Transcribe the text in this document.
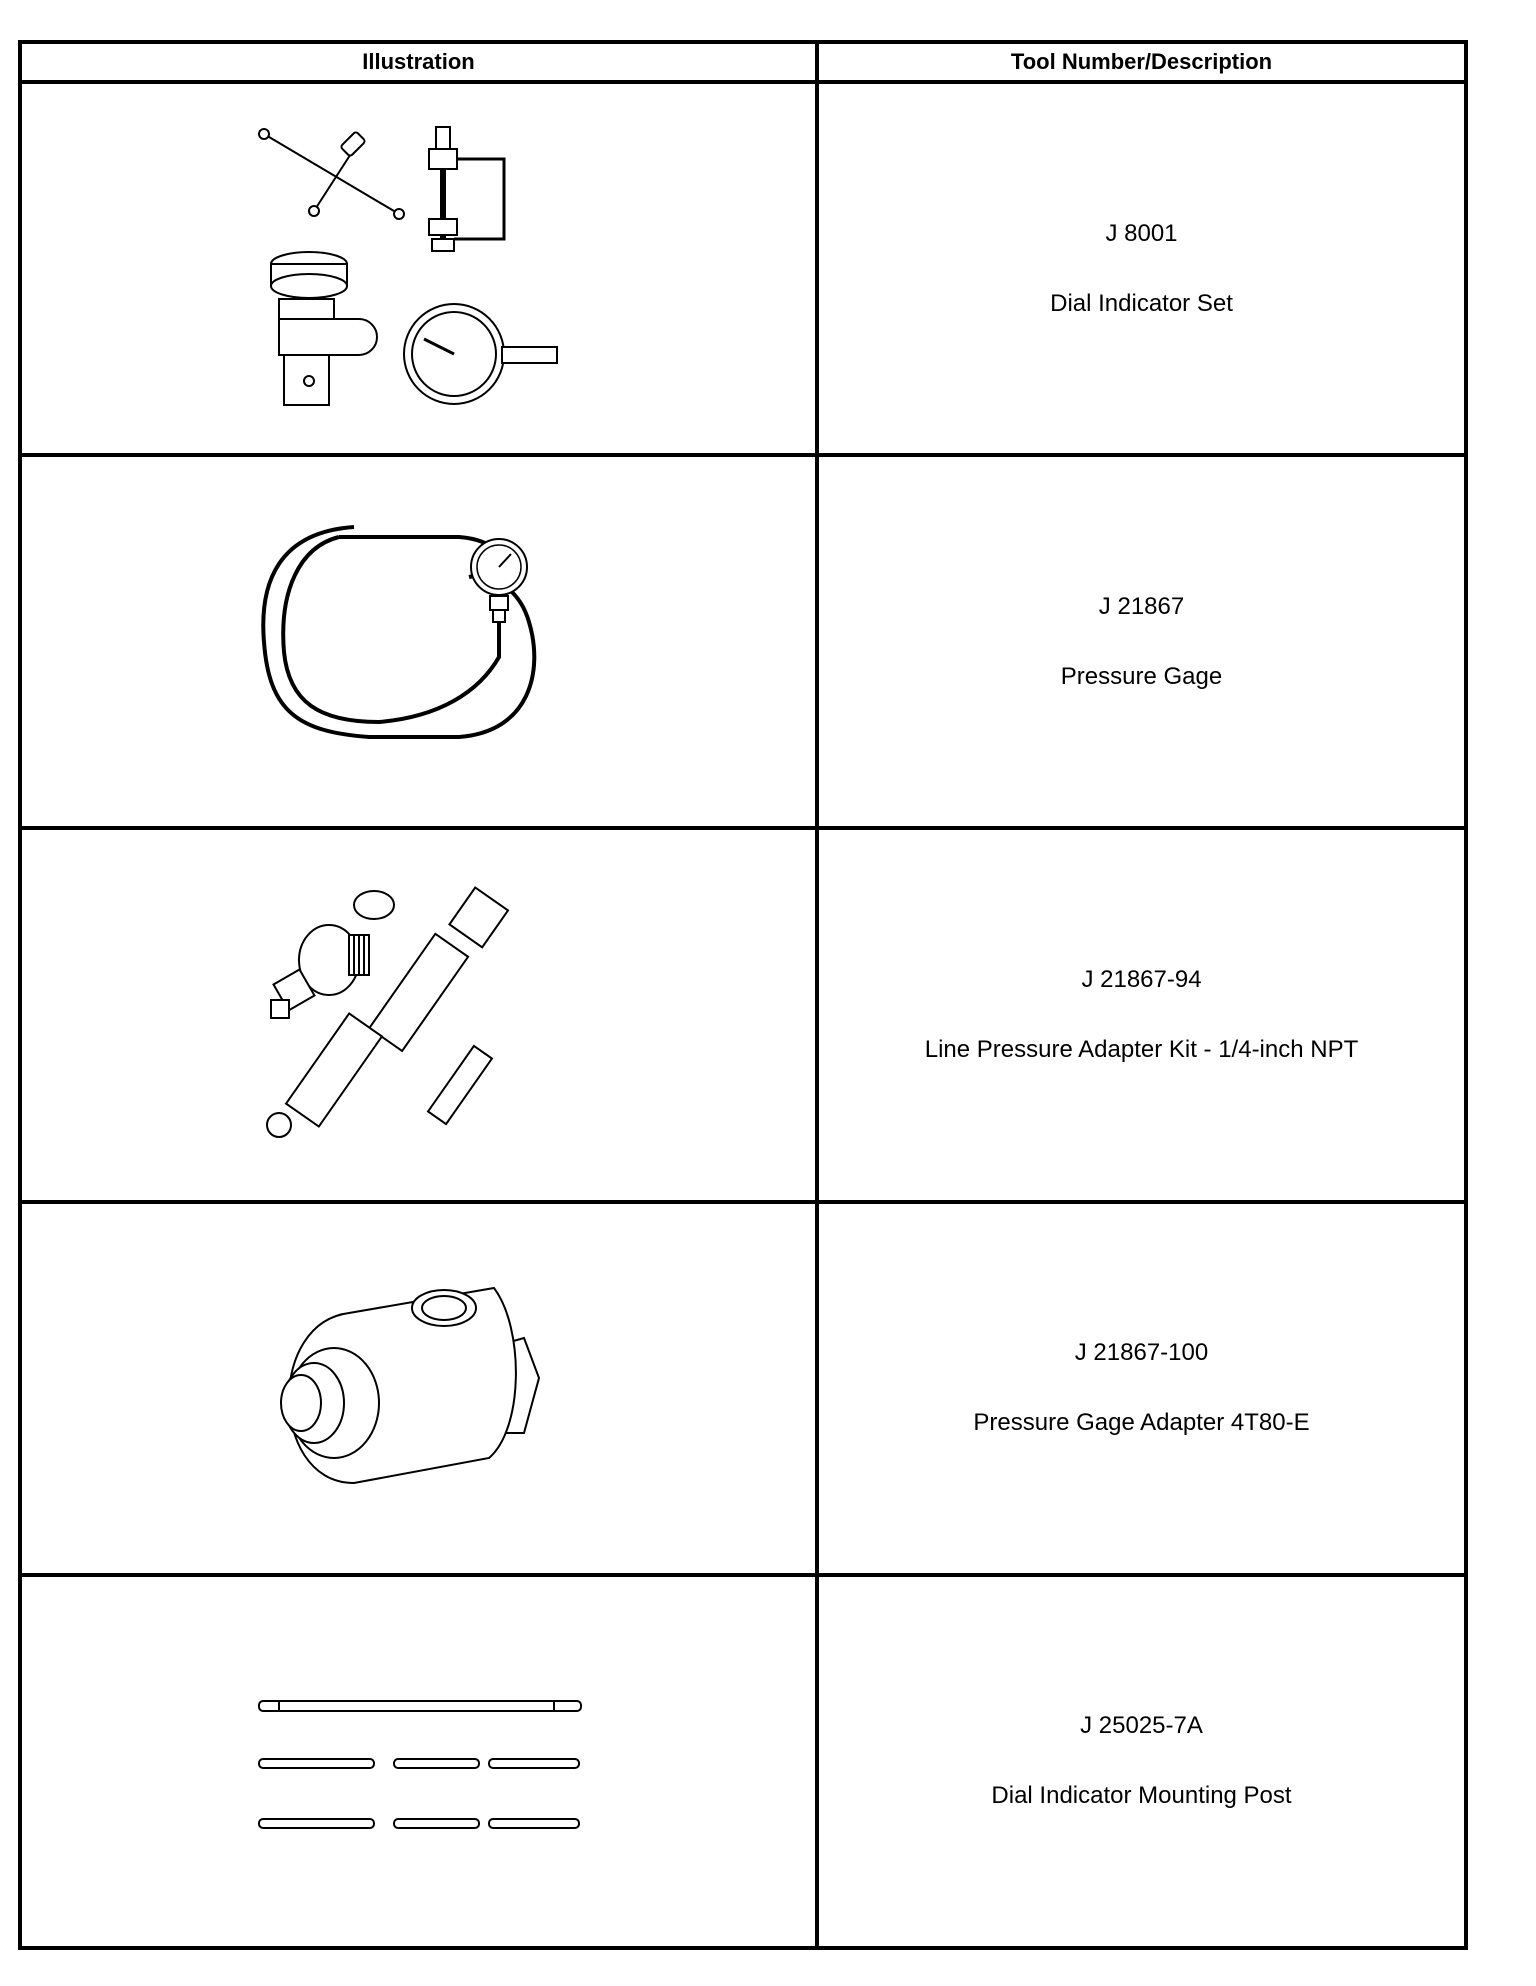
Illustration	Tool Number/Description

J 8001
Dial Indicator Set

J 21867
Pressure Gage

J 21867-94
Line Pressure Adapter Kit - 1/4-inch NPT

J 21867-100
Pressure Gage Adapter 4T80-E

J 25025-7A
Dial Indicator Mounting Post
